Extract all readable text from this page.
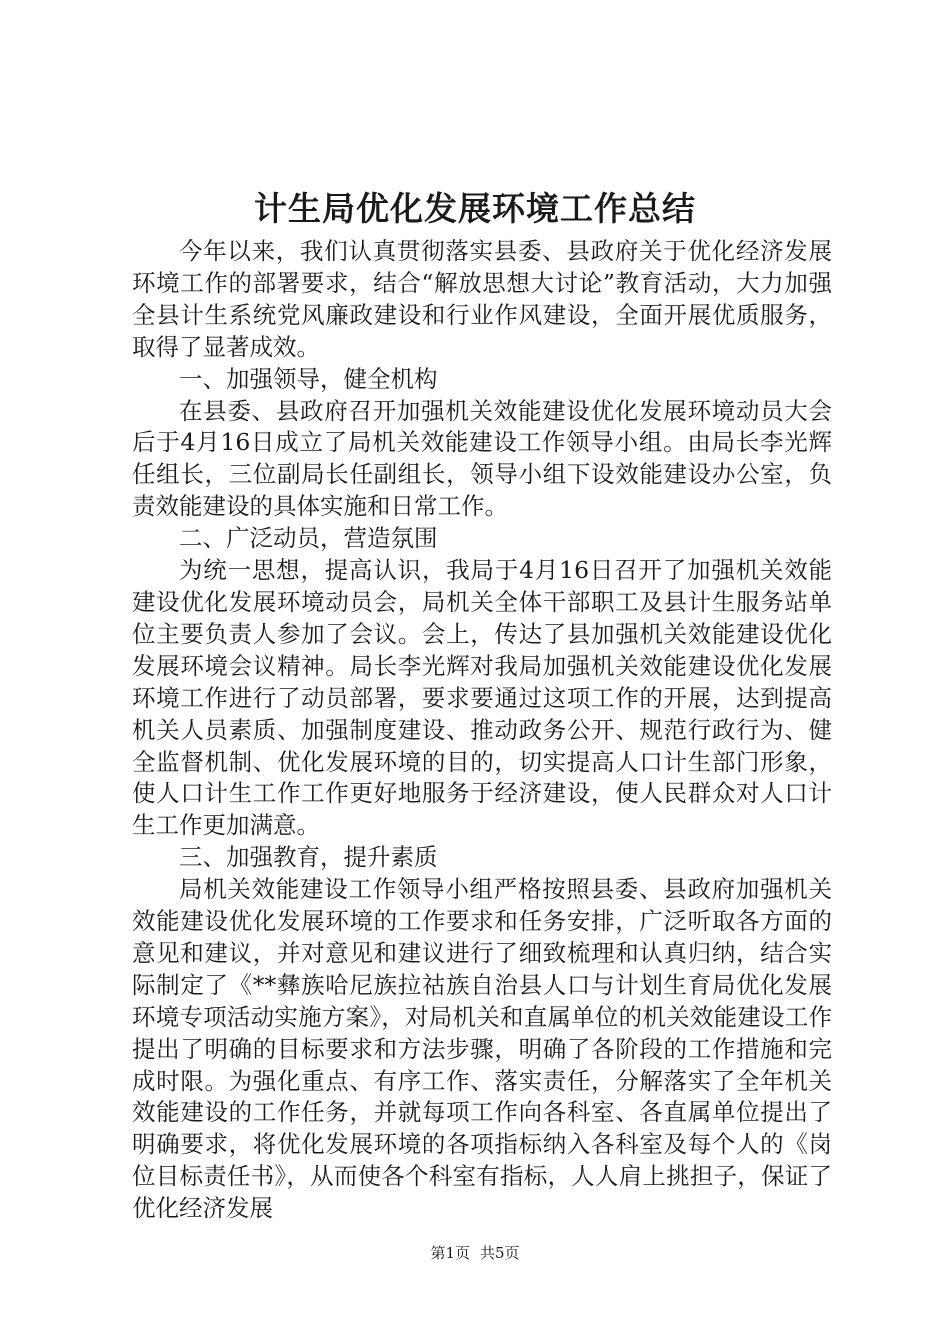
计生局优化发展环境工作总结

今年以来，我们认真贯彻落实县委、县政府关于优化经济发展环境工作的部署要求，结合“解放思想大讨论”教育活动，大力加强全县计生系统党风廉政建设和行业作风建设，全面开展优质服务，取得了显著成效。

一、加强领导，健全机构

在县委、县政府召开加强机关效能建设优化发展环境动员大会后于4月16日成立了局机关效能建设工作领导小组。由局长李光辉任组长，三位副局长任副组长，领导小组下设效能建设办公室，负责效能建设的具体实施和日常工作。

二、广泛动员，营造氛围

为统一思想，提高认识，我局于4月16日召开了加强机关效能建设优化发展环境动员会，局机关全体干部职工及县计生服务站单位主要负责人参加了会议。会上，传达了县加强机关效能建设优化发展环境会议精神。局长李光辉对我局加强机关效能建设优化发展环境工作进行了动员部署，要求要通过这项工作的开展，达到提高机关人员素质、加强制度建设、推动政务公开、规范行政行为、健全监督机制、优化发展环境的目的，切实提高人口计生部门形象，使人口计生工作工作更好地服务于经济建设，使人民群众对人口计生工作更加满意。

三、加强教育，提升素质

局机关效能建设工作领导小组严格按照县委、县政府加强机关效能建设优化发展环境的工作要求和任务安排，广泛听取各方面的意见和建议，并对意见和建议进行了细致梳理和认真归纳，结合实际制定了《**彝族哈尼族拉祜族自治县人口与计划生育局优化发展环境专项活动实施方案》，对局机关和直属单位的机关效能建设工作提出了明确的目标要求和方法步骤，明确了各阶段的工作措施和完成时限。为强化重点、有序工作、落实责任，分解落实了全年机关效能建设的工作任务，并就每项工作向各科室、各直属单位提出了明确要求，将优化发展环境的各项指标纳入各科室及每个人的《岗位目标责任书》，从而使各个科室有指标，人人肩上挑担子，保证了优化经济发展

第1页 共5页
